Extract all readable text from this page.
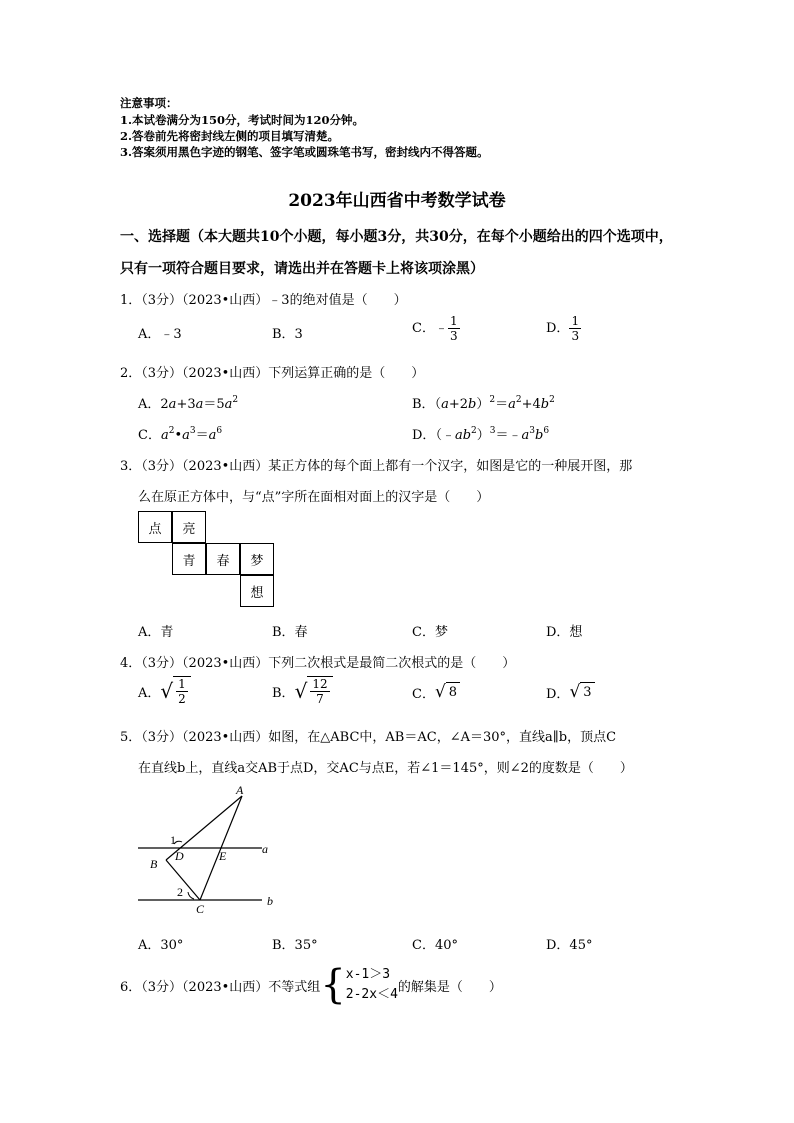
注意事项：
1.本试卷满分为150分，考试时间为120分钟。
2.答卷前先将密封线左侧的项目填写清楚。
3.答案须用黑色字迹的钢笔、签字笔或圆珠笔书写，密封线内不得答题。
2023年山西省中考数学试卷
一、选择题（本大题共10个小题，每小题3分，共30分，在每个小题给出的四个选项中，
只有一项符合题目要求，请选出并在答题卡上将该项涂黑）
1．（3分）（2023•山西）﹣3的绝对值是（　　）
A．﹣3	B．3	C．﹣ $\frac{1}{3}$	D． $\frac{1}{3}$
2．（3分）（2023•山西）下列运算正确的是（　　）
A．$2a+3a=5a^2$	B．$(a+2b)^2=a^2+4b^2$
C．$a^2•a^3=a^6$	D．$(﹣ab^2)^3=﹣a^3b^6$
3．（3分）（2023•山西）某正方体的每个面上都有一个汉字，如图是它的一种展开图，那
么在原正方体中，与“点”字所在面相对面上的汉字是（　　）
点	亮
青	春	梦
想
A．青	B．春	C．梦	D．想
4．（3分）（2023•山西）下列二次根式是最简二次根式的是（　　）
A． √ $\frac{1}{2}$	B． √ $\frac{12}{7}$	C． √ 8	D． √ 3
5．（3分）（2023•山西）如图，在△ABC中，AB＝AC，∠A＝30°，直线a∥b，顶点C
在直线b上，直线a交AB于点D，交AC与点E，若∠1＝145°，则∠2的度数是（　　）
A
B
C
D	E	a
b
1
2
A．30°	B．35°	C．40°	D．45°
6．（3分）（2023•山西） 不等式组 { x-1＞3
2-2x＜4 的解集是（　　）
